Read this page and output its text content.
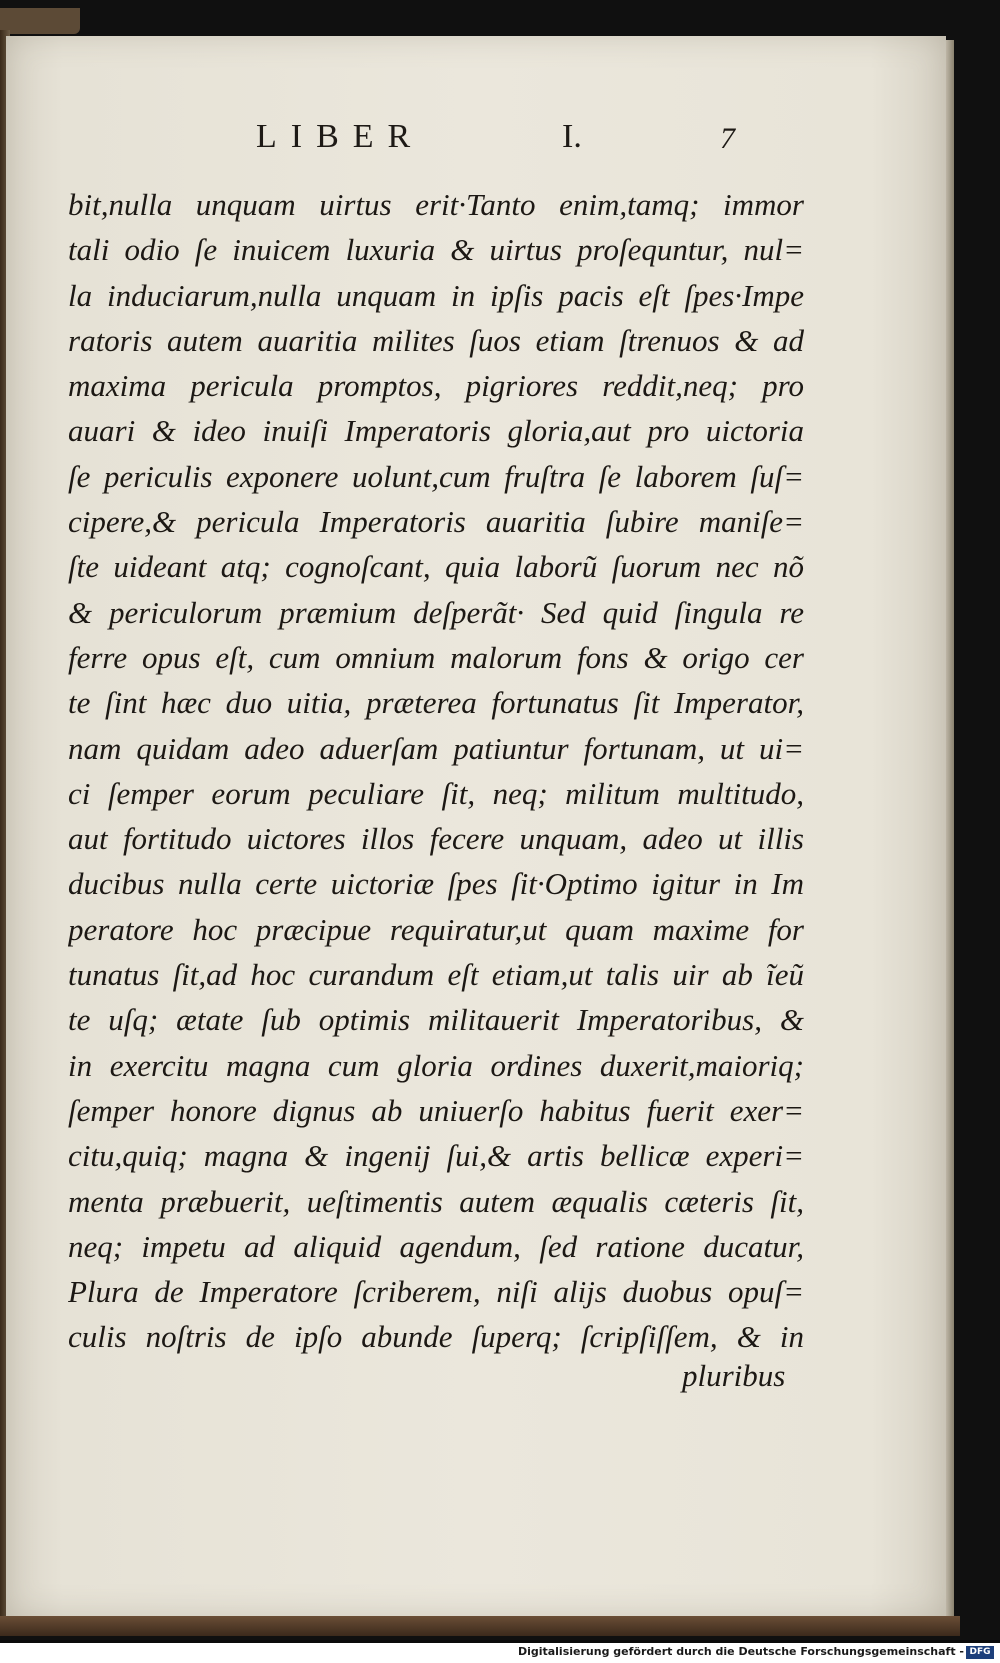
LIBER	I.	7
bit,nulla unquam uirtus erit·Tanto enim,tamq; immor
tali odio ſe inuicem luxuria & uirtus proſequntur, nul=
la induciarum,nulla unquam in ipſis pacis eſt ſpes·Impe
ratoris autem auaritia milites ſuos etiam ſtrenuos & ad
maxima pericula promptos, pigriores reddit,neq; pro
auari & ideo inuiſi Imperatoris gloria,aut pro uictoria
ſe periculis exponere uolunt,cum fruſtra ſe laborem ſuſ=
cipere,& pericula Imperatoris auaritia ſubire maniſe=
ſte uideant atq; cognoſcant, quia laborũ ſuorum nec nõ
& periculorum præmium deſperãt· Sed quid ſingula re
ferre opus eſt, cum omnium malorum fons & origo cer
te ſint hæc duo uitia, præterea fortunatus ſit Imperator,
nam quidam adeo aduerſam patiuntur fortunam, ut ui=
ci ſemper eorum peculiare ſit, neq; militum multitudo,
aut fortitudo uictores illos fecere unquam, adeo ut illis
ducibus nulla certe uictoriæ ſpes ſit·Optimo igitur in Im
peratore hoc præcipue requiratur,ut quam maxime for
tunatus ſit,ad hoc curandum eſt etiam,ut talis uir ab ĩeũ
te uſq; ætate ſub optimis militauerit Imperatoribus, &
in exercitu magna cum gloria ordines duxerit,maioriq;
ſemper honore dignus ab uniuerſo habitus fuerit exer=
citu,quiq; magna & ingenij ſui,& artis bellicæ experi=
menta præbuerit, ueſtimentis autem æqualis cæteris ſit,
neq; impetu ad aliquid agendum, ſed ratione ducatur,
Plura de Imperatore ſcriberem, niſi alijs duobus opuſ=
culis noſtris de ipſo abunde ſuperq; ſcripſiſſem, & in
pluribus
Digitalisierung gefördert durch die Deutsche Forschungsgemeinschaft - DFG
